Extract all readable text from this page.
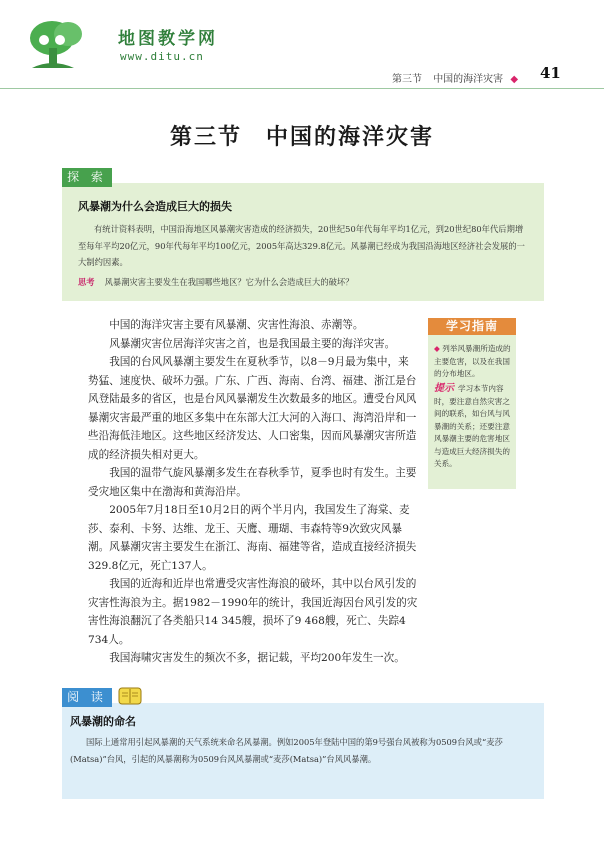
地图教学网
www.ditu.cn
第三节 中国的海洋灾害 ◆ 41
第三节　中国的海洋灾害
探 索
风暴潮为什么会造成巨大的损失
有统计资料表明，中国沿海地区风暴潮灾害造成的经济损失，20世纪50年代每年平均1亿元，到20世纪80年代后期增至每年平均20亿元，90年代每年平均100亿元，2005年高达329.8亿元。风暴潮已经成为我国沿海地区经济社会发展的一大制约因素。
思考 风暴潮灾害主要发生在我国哪些地区？它为什么会造成巨大的破坏？

中国的海洋灾害主要有风暴潮、灾害性海浪、赤潮等。

风暴潮灾害位居海洋灾害之首，也是我国最主要的海洋灾害。

我国的台风风暴潮主要发生在夏秋季节，以8－9月最为集中，来势猛、速度快、破坏力强。广东、广西、海南、台湾、福建、浙江是台风登陆最多的省区，也是台风风暴潮发生次数最多的地区。遭受台风风暴潮灾害最严重的地区多集中在东部大江大河的入海口、海湾沿岸和一些沿海低洼地区。这些地区经济发达、人口密集，因而风暴潮灾害所造成的经济损失相对更大。

我国的温带气旋风暴潮多发生在春秋季节，夏季也时有发生。主要受灾地区集中在渤海和黄海沿岸。

2005年7月18日至10月2日的两个半月内，我国发生了海棠、麦莎、泰利、卡努、达维、龙王、天鹰、珊瑚、韦森特等9次致灾风暴潮。风暴潮灾害主要发生在浙江、海南、福建等省，造成直接经济损失329.8亿元，死亡137人。

我国的近海和近岸也常遭受灾害性海浪的破坏，其中以台风引发的灾害性海浪为主。据1982－1990年的统计，我国近海因台风引发的灾害性海浪翻沉了各类船只14 345艘，损坏了9 468艘，死亡、失踪4 734人。

我国海啸灾害发生的频次不多，据记载，平均200年发生一次。

学习指南
◆ 列举风暴潮所造成的主要危害，以及在我国的分布地区。
提示 学习本节内容时，要注意自然灾害之间的联系，如台风与风暴潮的关系；还要注意风暴潮主要的危害地区与造成巨大经济损失的关系。
阅 读
风暴潮的命名
国际上通常用引起风暴潮的天气系统来命名风暴潮。例如2005年登陆中国的第9号强台风被称为0509台风或“麦莎(Matsa)”台风，引起的风暴潮称为0509台风风暴潮或“麦莎(Matsa)”台风风暴潮。
